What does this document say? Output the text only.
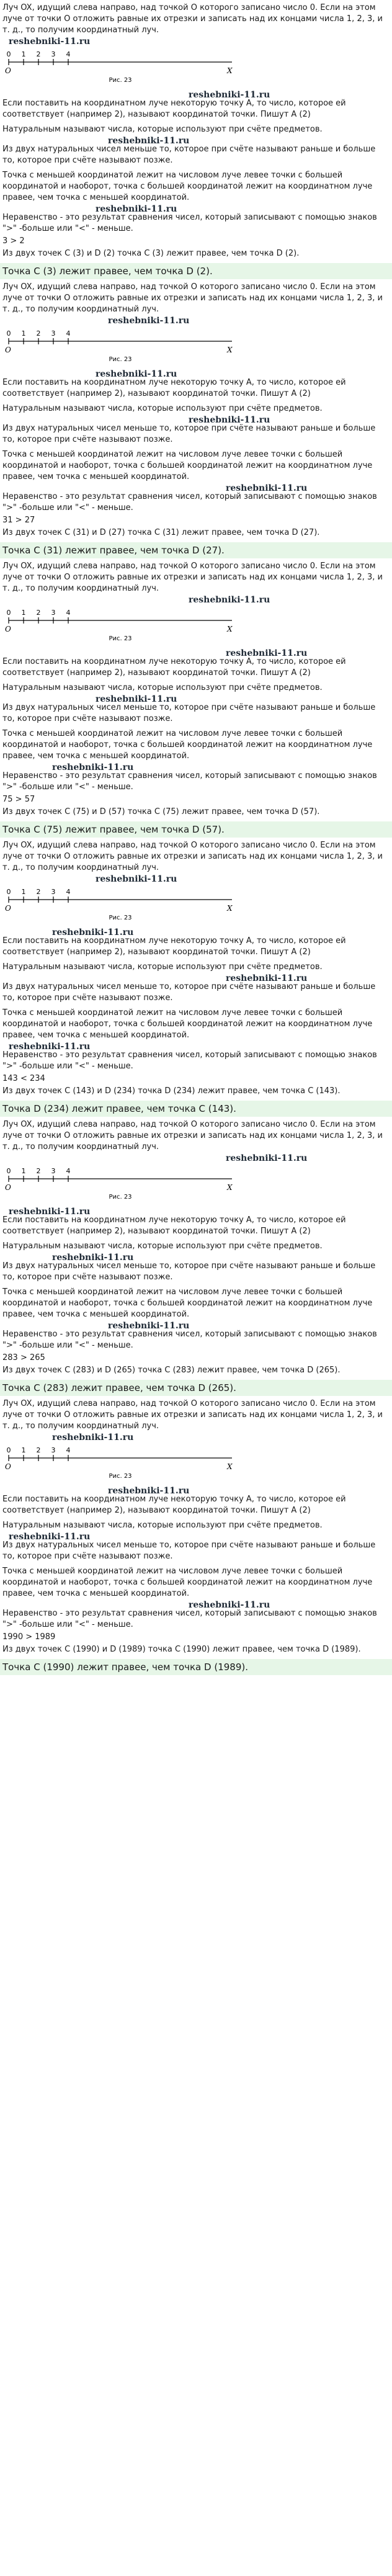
Луч OX, идущий слева направо, над точкой O которого записано число 0. Если на этом луче от точки O отложить равные их отрезки и записать над их концами числа 1, 2, 3, и т. д., то получим координатный луч.

reshebniki-11.ru
0 1 2 3 4
O	X
Рис. 23
reshebniki-11.ru

Если поставить на координатном луче некоторую точку A, то число, которое ей соответствует (например 2), называют координатой точки. Пишут A (2)

Натуральным называют числа, которые используют при счёте предметов.

reshebniki-11.ru

Из двух натуральных чисел меньше то, которое при счёте называют раньше и больше то, которое при счёте называют позже.

Точка с меньшей координатой лежит на числовом луче левее точки с большей координатой и наоборот, точка с большей координатой лежит на координатном луче правее, чем точка с меньшей координатой.

reshebniki-11.ru

Неравенство - это результат сравнения чисел, который записывают с помощью знаков ">" -больше или "<" - меньше.

3 > 2

Из двух точек C (3) и D (2) точка C (3) лежит правее, чем точка D (2).

Точка C (3) лежит правее, чем точка D (2).

Луч OX, идущий слева направо, над точкой O которого записано число 0. Если на этом луче от точки O отложить равные их отрезки и записать над их концами числа 1, 2, 3, и т. д., то получим координатный луч.

reshebniki-11.ru
0 1 2 3 4
O	X
Рис. 23
reshebniki-11.ru

Если поставить на координатном луче некоторую точку A, то число, которое ей соответствует (например 2), называют координатой точки. Пишут A (2)

Натуральным называют числа, которые используют при счёте предметов.

reshebniki-11.ru

Из двух натуральных чисел меньше то, которое при счёте называют раньше и больше то, которое при счёте называют позже.

Точка с меньшей координатой лежит на числовом луче левее точки с большей координатой и наоборот, точка с большей координатой лежит на координатном луче правее, чем точка с меньшей координатой.

reshebniki-11.ru

Неравенство - это результат сравнения чисел, который записывают с помощью знаков ">" -больше или "<" - меньше.

31 > 27

Из двух точек C (31) и D (27) точка C (31) лежит правее, чем точка D (27).

Точка C (31) лежит правее, чем точка D (27).

Луч OX, идущий слева направо, над точкой O которого записано число 0. Если на этом луче от точки O отложить равные их отрезки и записать над их концами числа 1, 2, 3, и т. д., то получим координатный луч.

reshebniki-11.ru
0 1 2 3 4
O	X
Рис. 23
reshebniki-11.ru

Если поставить на координатном луче некоторую точку A, то число, которое ей соответствует (например 2), называют координатой точки. Пишут A (2)

Натуральным называют числа, которые используют при счёте предметов.

reshebniki-11.ru

Из двух натуральных чисел меньше то, которое при счёте называют раньше и больше то, которое при счёте называют позже.

Точка с меньшей координатой лежит на числовом луче левее точки с большей координатой и наоборот, точка с большей координатой лежит на координатном луче правее, чем точка с меньшей координатой.

reshebniki-11.ru

Неравенство - это результат сравнения чисел, который записывают с помощью знаков ">" -больше или "<" - меньше.

75 > 57

Из двух точек C (75) и D (57) точка C (75) лежит правее, чем точка D (57).

Точка C (75) лежит правее, чем точка D (57).

Луч OX, идущий слева направо, над точкой O которого записано число 0. Если на этом луче от точки O отложить равные их отрезки и записать над их концами числа 1, 2, 3, и т. д., то получим координатный луч.

reshebniki-11.ru
0 1 2 3 4
O	X
Рис. 23
reshebniki-11.ru

Если поставить на координатном луче некоторую точку A, то число, которое ей соответствует (например 2), называют координатой точки. Пишут A (2)

Натуральным называют числа, которые используют при счёте предметов.

reshebniki-11.ru

Из двух натуральных чисел меньше то, которое при счёте называют раньше и больше то, которое при счёте называют позже.

Точка с меньшей координатой лежит на числовом луче левее точки с большей координатой и наоборот, точка с большей координатой лежит на координатном луче правее, чем точка с меньшей координатой.

reshebniki-11.ru

Неравенство - это результат сравнения чисел, который записывают с помощью знаков ">" -больше или "<" - меньше.

143 < 234

Из двух точек C (143) и D (234) точка D (234) лежит правее, чем точка C (143).

Точка D (234) лежит правее, чем точка C (143).

Луч OX, идущий слева направо, над точкой O которого записано число 0. Если на этом луче от точки O отложить равные их отрезки и записать над их концами числа 1, 2, 3, и т. д., то получим координатный луч.

reshebniki-11.ru
0 1 2 3 4
O	X
Рис. 23
reshebniki-11.ru

Если поставить на координатном луче некоторую точку A, то число, которое ей соответствует (например 2), называют координатой точки. Пишут A (2)

Натуральным называют числа, которые используют при счёте предметов.

reshebniki-11.ru

Из двух натуральных чисел меньше то, которое при счёте называют раньше и больше то, которое при счёте называют позже.

Точка с меньшей координатой лежит на числовом луче левее точки с большей координатой и наоборот, точка с большей координатой лежит на координатном луче правее, чем точка с меньшей координатой.

reshebniki-11.ru

Неравенство - это результат сравнения чисел, который записывают с помощью знаков ">" -больше или "<" - меньше.

283 > 265

Из двух точек C (283) и D (265) точка C (283) лежит правее, чем точка D (265).

Точка C (283) лежит правее, чем точка D (265).

Луч OX, идущий слева направо, над точкой O которого записано число 0. Если на этом луче от точки O отложить равные их отрезки и записать над их концами числа 1, 2, 3, и т. д., то получим координатный луч.

reshebniki-11.ru
0 1 2 3 4
O	X
Рис. 23
reshebniki-11.ru

Если поставить на координатном луче некоторую точку A, то число, которое ей соответствует (например 2), называют координатой точки. Пишут A (2)

Натуральным называют числа, которые используют при счёте предметов.

reshebniki-11.ru

Из двух натуральных чисел меньше то, которое при счёте называют раньше и больше то, которое при счёте называют позже.

Точка с меньшей координатой лежит на числовом луче левее точки с большей координатой и наоборот, точка с большей координатой лежит на координатном луче правее, чем точка с меньшей координатой.

reshebniki-11.ru

Неравенство - это результат сравнения чисел, который записывают с помощью знаков ">" -больше или "<" - меньше.

1990 > 1989

Из двух точек C (1990) и D (1989) точка C (1990) лежит правее, чем точка D (1989).

Точка C (1990) лежит правее, чем точка D (1989).
